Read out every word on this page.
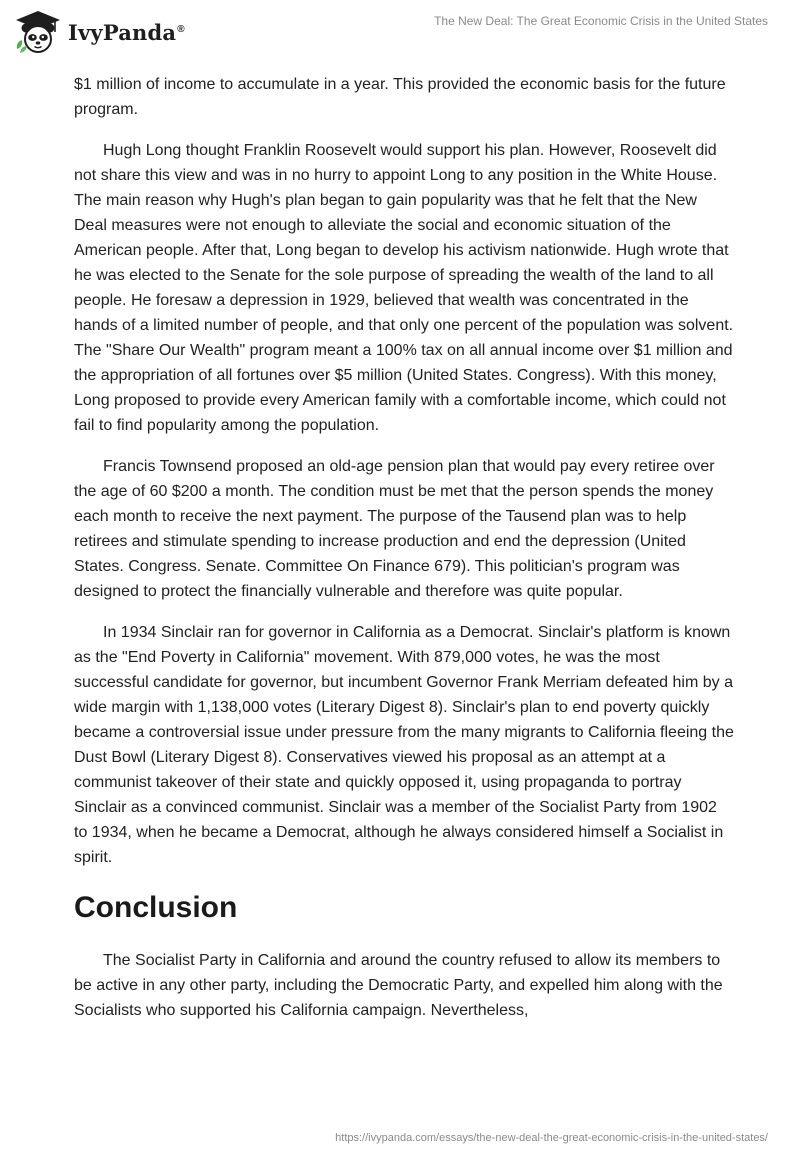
IvyPanda®
The New Deal: The Great Economic Crisis in the United States

$1 million of income to accumulate in a year. This provided the economic basis for the future program.

Hugh Long thought Franklin Roosevelt would support his plan. However, Roosevelt did not share this view and was in no hurry to appoint Long to any position in the White House. The main reason why Hugh's plan began to gain popularity was that he felt that the New Deal measures were not enough to alleviate the social and economic situation of the American people. After that, Long began to develop his activism nationwide. Hugh wrote that he was elected to the Senate for the sole purpose of spreading the wealth of the land to all people. He foresaw a depression in 1929, believed that wealth was concentrated in the hands of a limited number of people, and that only one percent of the population was solvent. The "Share Our Wealth" program meant a 100% tax on all annual income over $1 million and the appropriation of all fortunes over $5 million (United States. Congress). With this money, Long proposed to provide every American family with a comfortable income, which could not fail to find popularity among the population.

Francis Townsend proposed an old-age pension plan that would pay every retiree over the age of 60 $200 a month. The condition must be met that the person spends the money each month to receive the next payment. The purpose of the Tausend plan was to help retirees and stimulate spending to increase production and end the depression (United States. Congress. Senate. Committee On Finance 679). This politician's program was designed to protect the financially vulnerable and therefore was quite popular.

In 1934 Sinclair ran for governor in California as a Democrat. Sinclair's platform is known as the "End Poverty in California" movement. With 879,000 votes, he was the most successful candidate for governor, but incumbent Governor Frank Merriam defeated him by a wide margin with 1,138,000 votes (Literary Digest 8). Sinclair's plan to end poverty quickly became a controversial issue under pressure from the many migrants to California fleeing the Dust Bowl (Literary Digest 8). Conservatives viewed his proposal as an attempt at a communist takeover of their state and quickly opposed it, using propaganda to portray Sinclair as a convinced communist. Sinclair was a member of the Socialist Party from 1902 to 1934, when he became a Democrat, although he always considered himself a Socialist in spirit.

Conclusion

The Socialist Party in California and around the country refused to allow its members to be active in any other party, including the Democratic Party, and expelled him along with the Socialists who supported his California campaign. Nevertheless,

https://ivypanda.com/essays/the-new-deal-the-great-economic-crisis-in-the-united-states/
